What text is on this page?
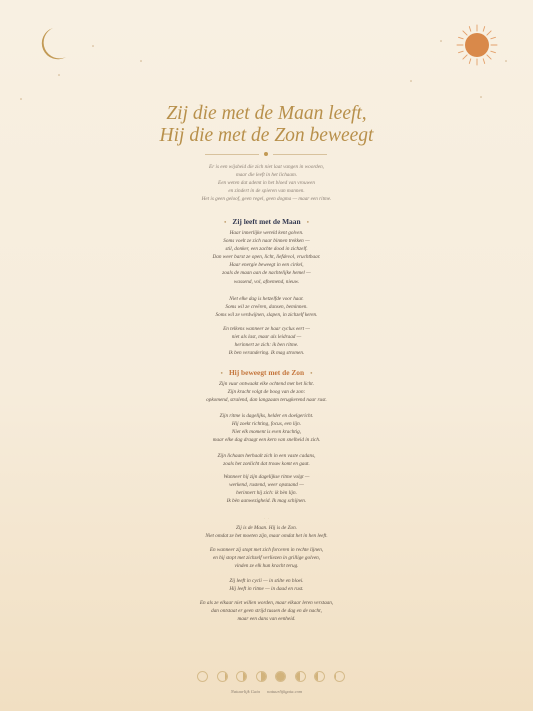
Zij die met de Maan leeft,
Hij die met de Zon beweegt
Er is een wijsheid die zich niet laat vangen in woorden,
maar die leeft in het lichaam.
Een weten dat ademt in het bloed van vrouwen
en zindert in de spieren van mannen.
Het is geen geloof, geen regel, geen dogma — maar een ritme.
● Zij leeft met de Maan ●
Haar innerlijke wereld kent golven.
Soms voelt ze zich naar binnen trekken —
stil, donker, een zachte dood in zichzelf.
Dan weer barst ze open, licht, liefdevol, vruchtbaar.
Haar energie beweegt in een cirkel,
zoals de maan aan de nachtelijke hemel —
wassend, vol, afnemend, nieuw.
Niet elke dag is hetzelfde voor haar.
Soms wil ze creëren, dansen, beminnen.
Soms wil ze verdwijnen, slapen, in zichzelf keren.
En telkens wanneer ze haar cyclus eert —
niet als last, maar als leidraad —
herinnert ze zich: ik ben ritme.
Ik ben verandering. Ik mag stromen.
● Hij beweegt met de Zon ●
Zijn vuur ontwaakt elke ochtend met het licht.
Zijn kracht volgt de boog van de zon:
opkomend, stralend, dan langzaam terugkerend naar rust.
Zijn ritme is dagelijks, helder en doelgericht.
Hij zoekt richting, focus, een lijn.
Niet elk moment is even krachtig,
maar elke dag draagt een kern van snelheid in zich.
Zijn lichaam herhaalt zich in een vaste cadans,
zoals het zonlicht dat trouw komt en gaat.
Wanneer hij zijn dagelijkse ritme volgt —
werkend, rustend, weer opstaand —
herinnert hij zich: ik bèn lijn.
Ik bèn aanwezigheid. Ik mag schijnen.
· · ·
Zij is de Maan. Hij is de Zon.
Niet omdat ze het moeten zijn, maar omdat het in hen leeft.
En wanneer zij stopt met zich forceren in rechte lijnen,
en hij stopt met zichzelf verliezen in grillige golven,
vinden ze elk hun kracht terug.
Zij leeft in cycli — in stilte en bloei.
Hij leeft in ritme — in daad en rust.
En als ze elkaar niet willen worden, maar elkaar leren verstaan,
dan ontstaat er geen strijd tussen de dag en de nacht,
maar een dans van eenheid.
Natuurlijk Gaia natuurlijkgaia.com
